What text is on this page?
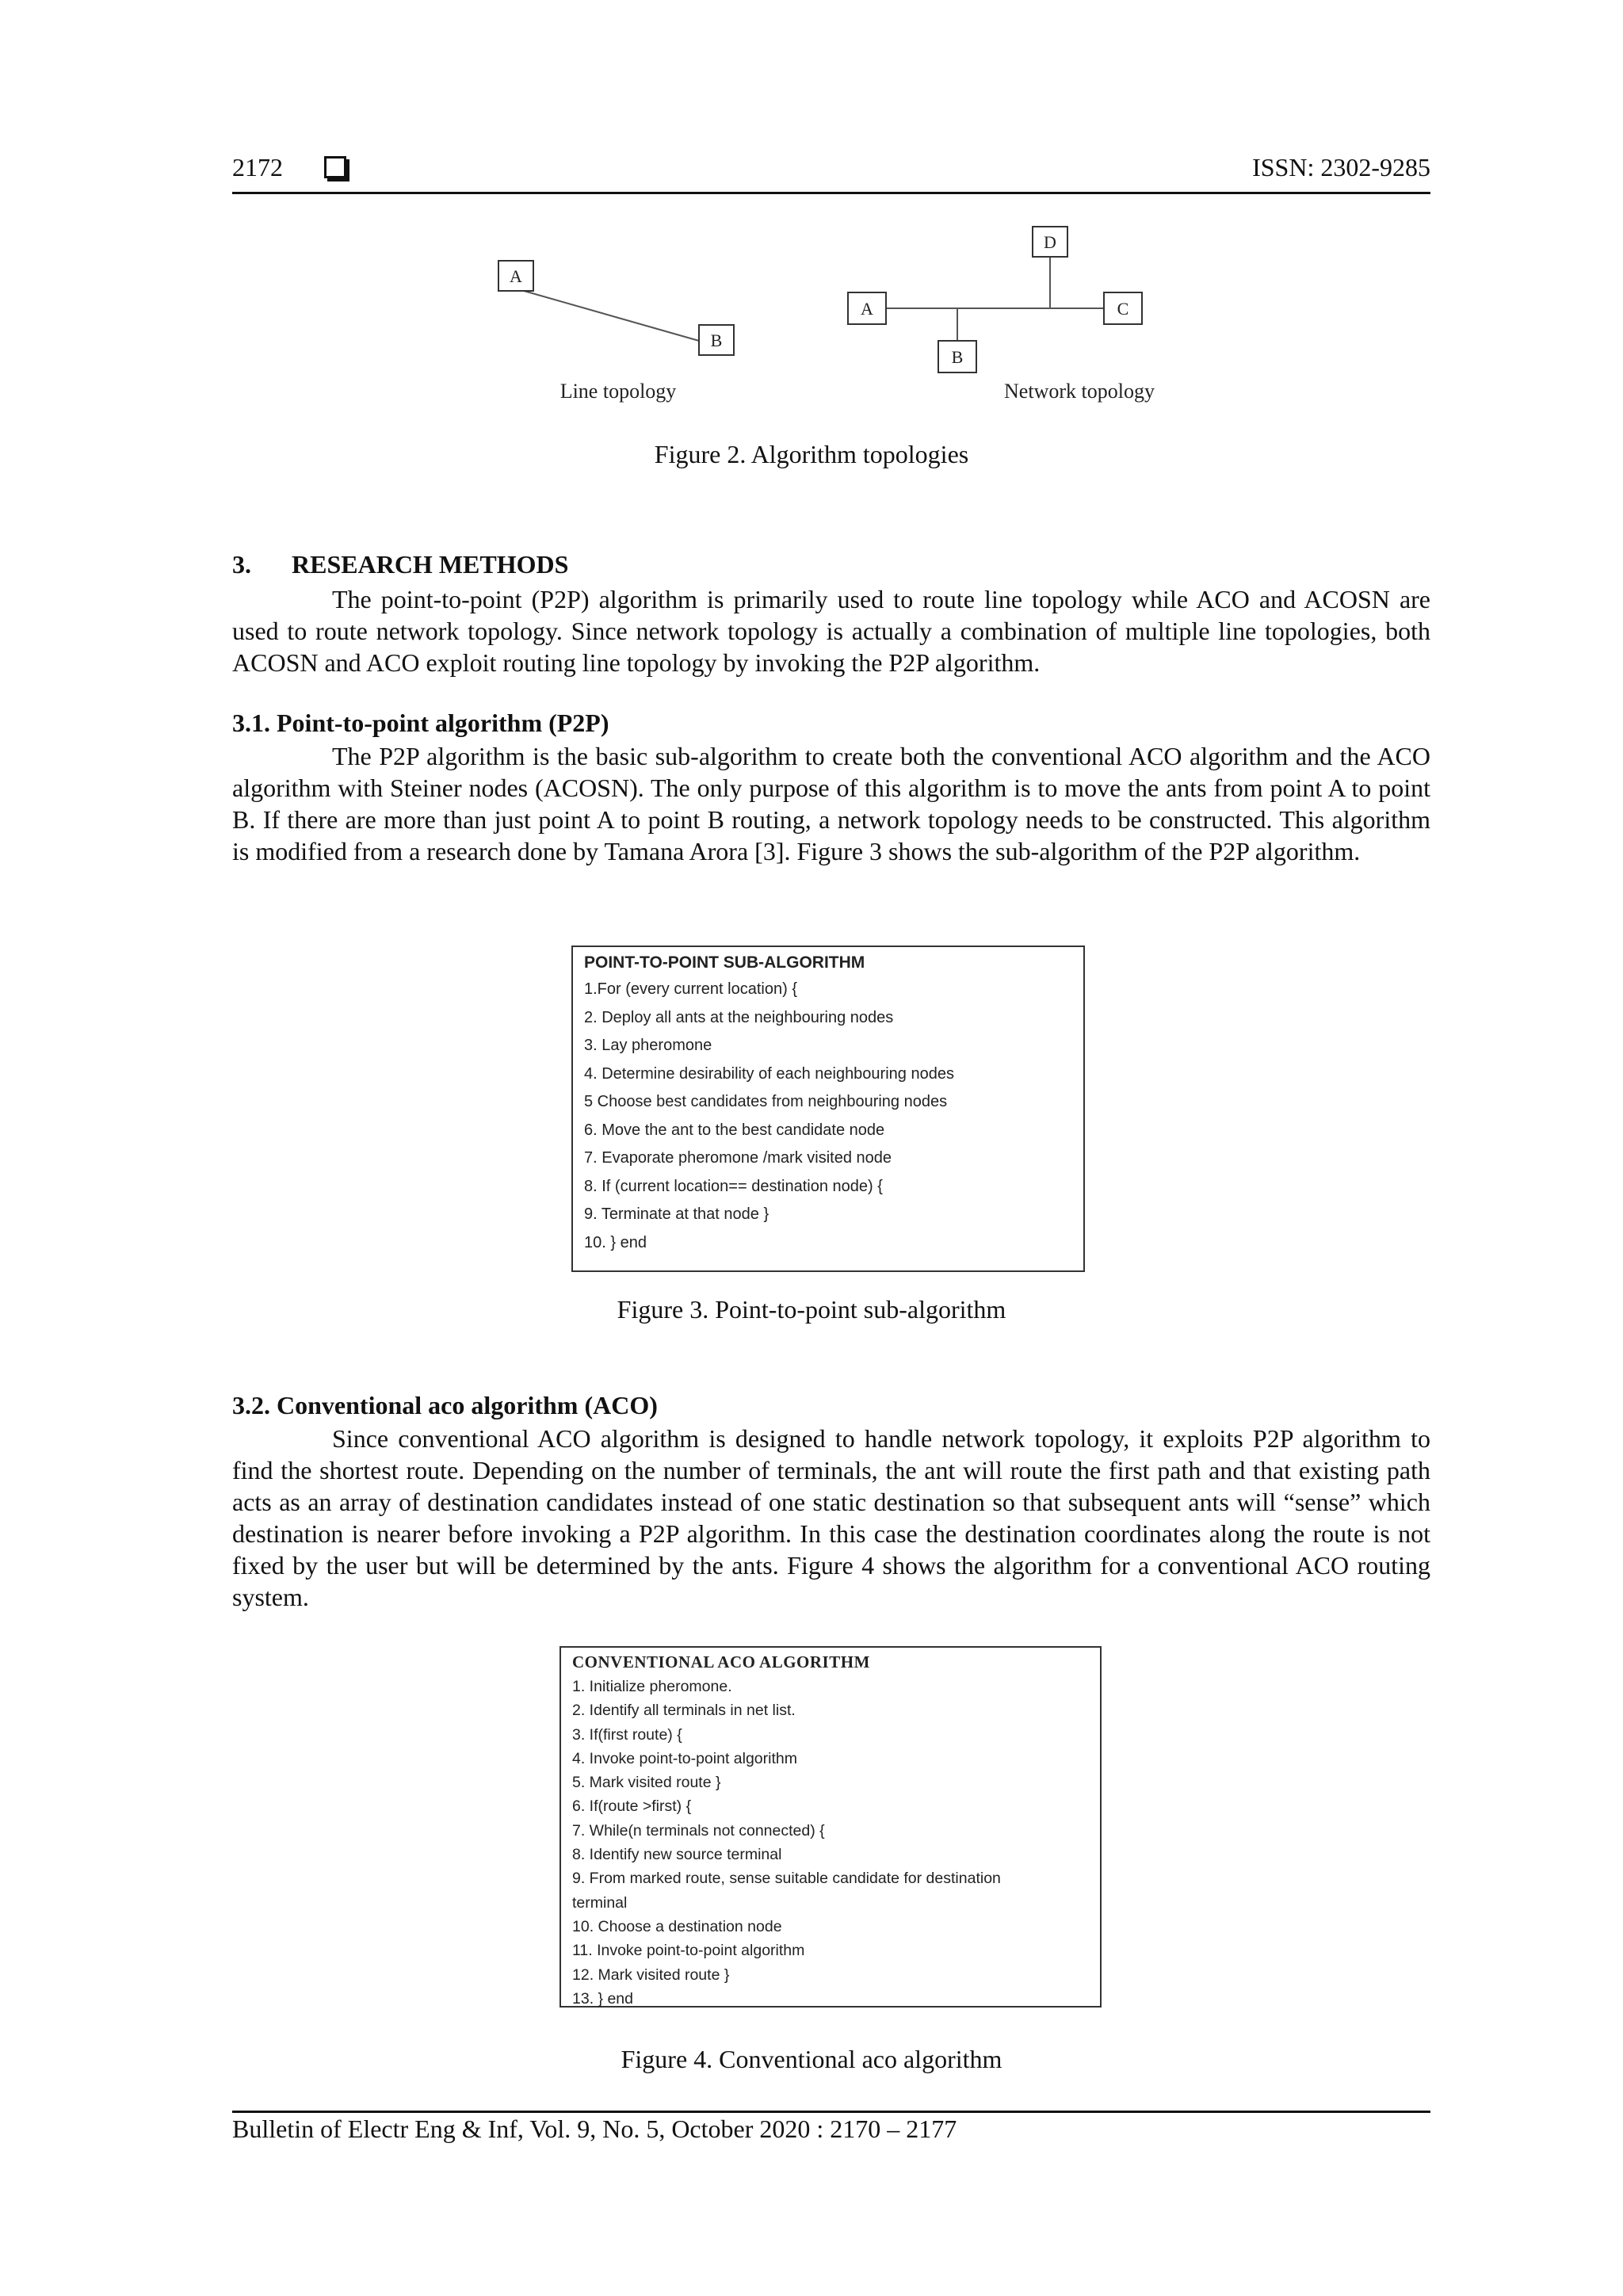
2172	ISSN: 2302-9285
A
B
Line topology
D
A	C
B
Network topology
Figure 2. Algorithm topologies
3. RESEARCH METHODS

The point-to-point (P2P) algorithm is primarily used to route line topology while ACO and ACOSN are used to route network topology. Since network topology is actually a combination of multiple line topologies, both ACOSN and ACO exploit routing line topology by invoking the P2P algorithm.

3.1. Point-to-point algorithm (P2P)

The P2P algorithm is the basic sub-algorithm to create both the conventional ACO algorithm and the ACO algorithm with Steiner nodes (ACOSN). The only purpose of this algorithm is to move the ants from point A to point B. If there are more than just point A to point B routing, a network topology needs to be constructed. This algorithm is modified from a research done by Tamana Arora [3]. Figure 3 shows the sub-algorithm of the P2P algorithm.

POINT-TO-POINT SUB-ALGORITHM
1.For (every current location) {
2. Deploy all ants at the neighbouring nodes
3. Lay pheromone
4. Determine desirability of each neighbouring nodes
5 Choose best candidates from neighbouring nodes
6. Move the ant to the best candidate node
7. Evaporate pheromone /mark visited node
8. If (current location== destination node) {
9. Terminate at that node }
10. } end
Figure 3. Point-to-point sub-algorithm
3.2. Conventional aco algorithm (ACO)

Since conventional ACO algorithm is designed to handle network topology, it exploits P2P algorithm to find the shortest route. Depending on the number of terminals, the ant will route the first path and that existing path acts as an array of destination candidates instead of one static destination so that subsequent ants will “sense” which destination is nearer before invoking a P2P algorithm. In this case the destination coordinates along the route is not fixed by the user but will be determined by the ants. Figure 4 shows the algorithm for a conventional ACO routing system.

CONVENTIONAL ACO ALGORITHM
1. Initialize pheromone.
2. Identify all terminals in net list.
3. If(first route) {
4. Invoke point-to-point algorithm
5. Mark visited route }
6. If(route >first) {
7. While(n terminals not connected) {
8. Identify new source terminal
9. From marked route, sense suitable candidate for destination
terminal
10. Choose a destination node
11. Invoke point-to-point algorithm
12. Mark visited route }
13. } end
Figure 4. Conventional aco algorithm
Bulletin of Electr Eng & Inf, Vol. 9, No. 5, October 2020 : 2170 – 2177
